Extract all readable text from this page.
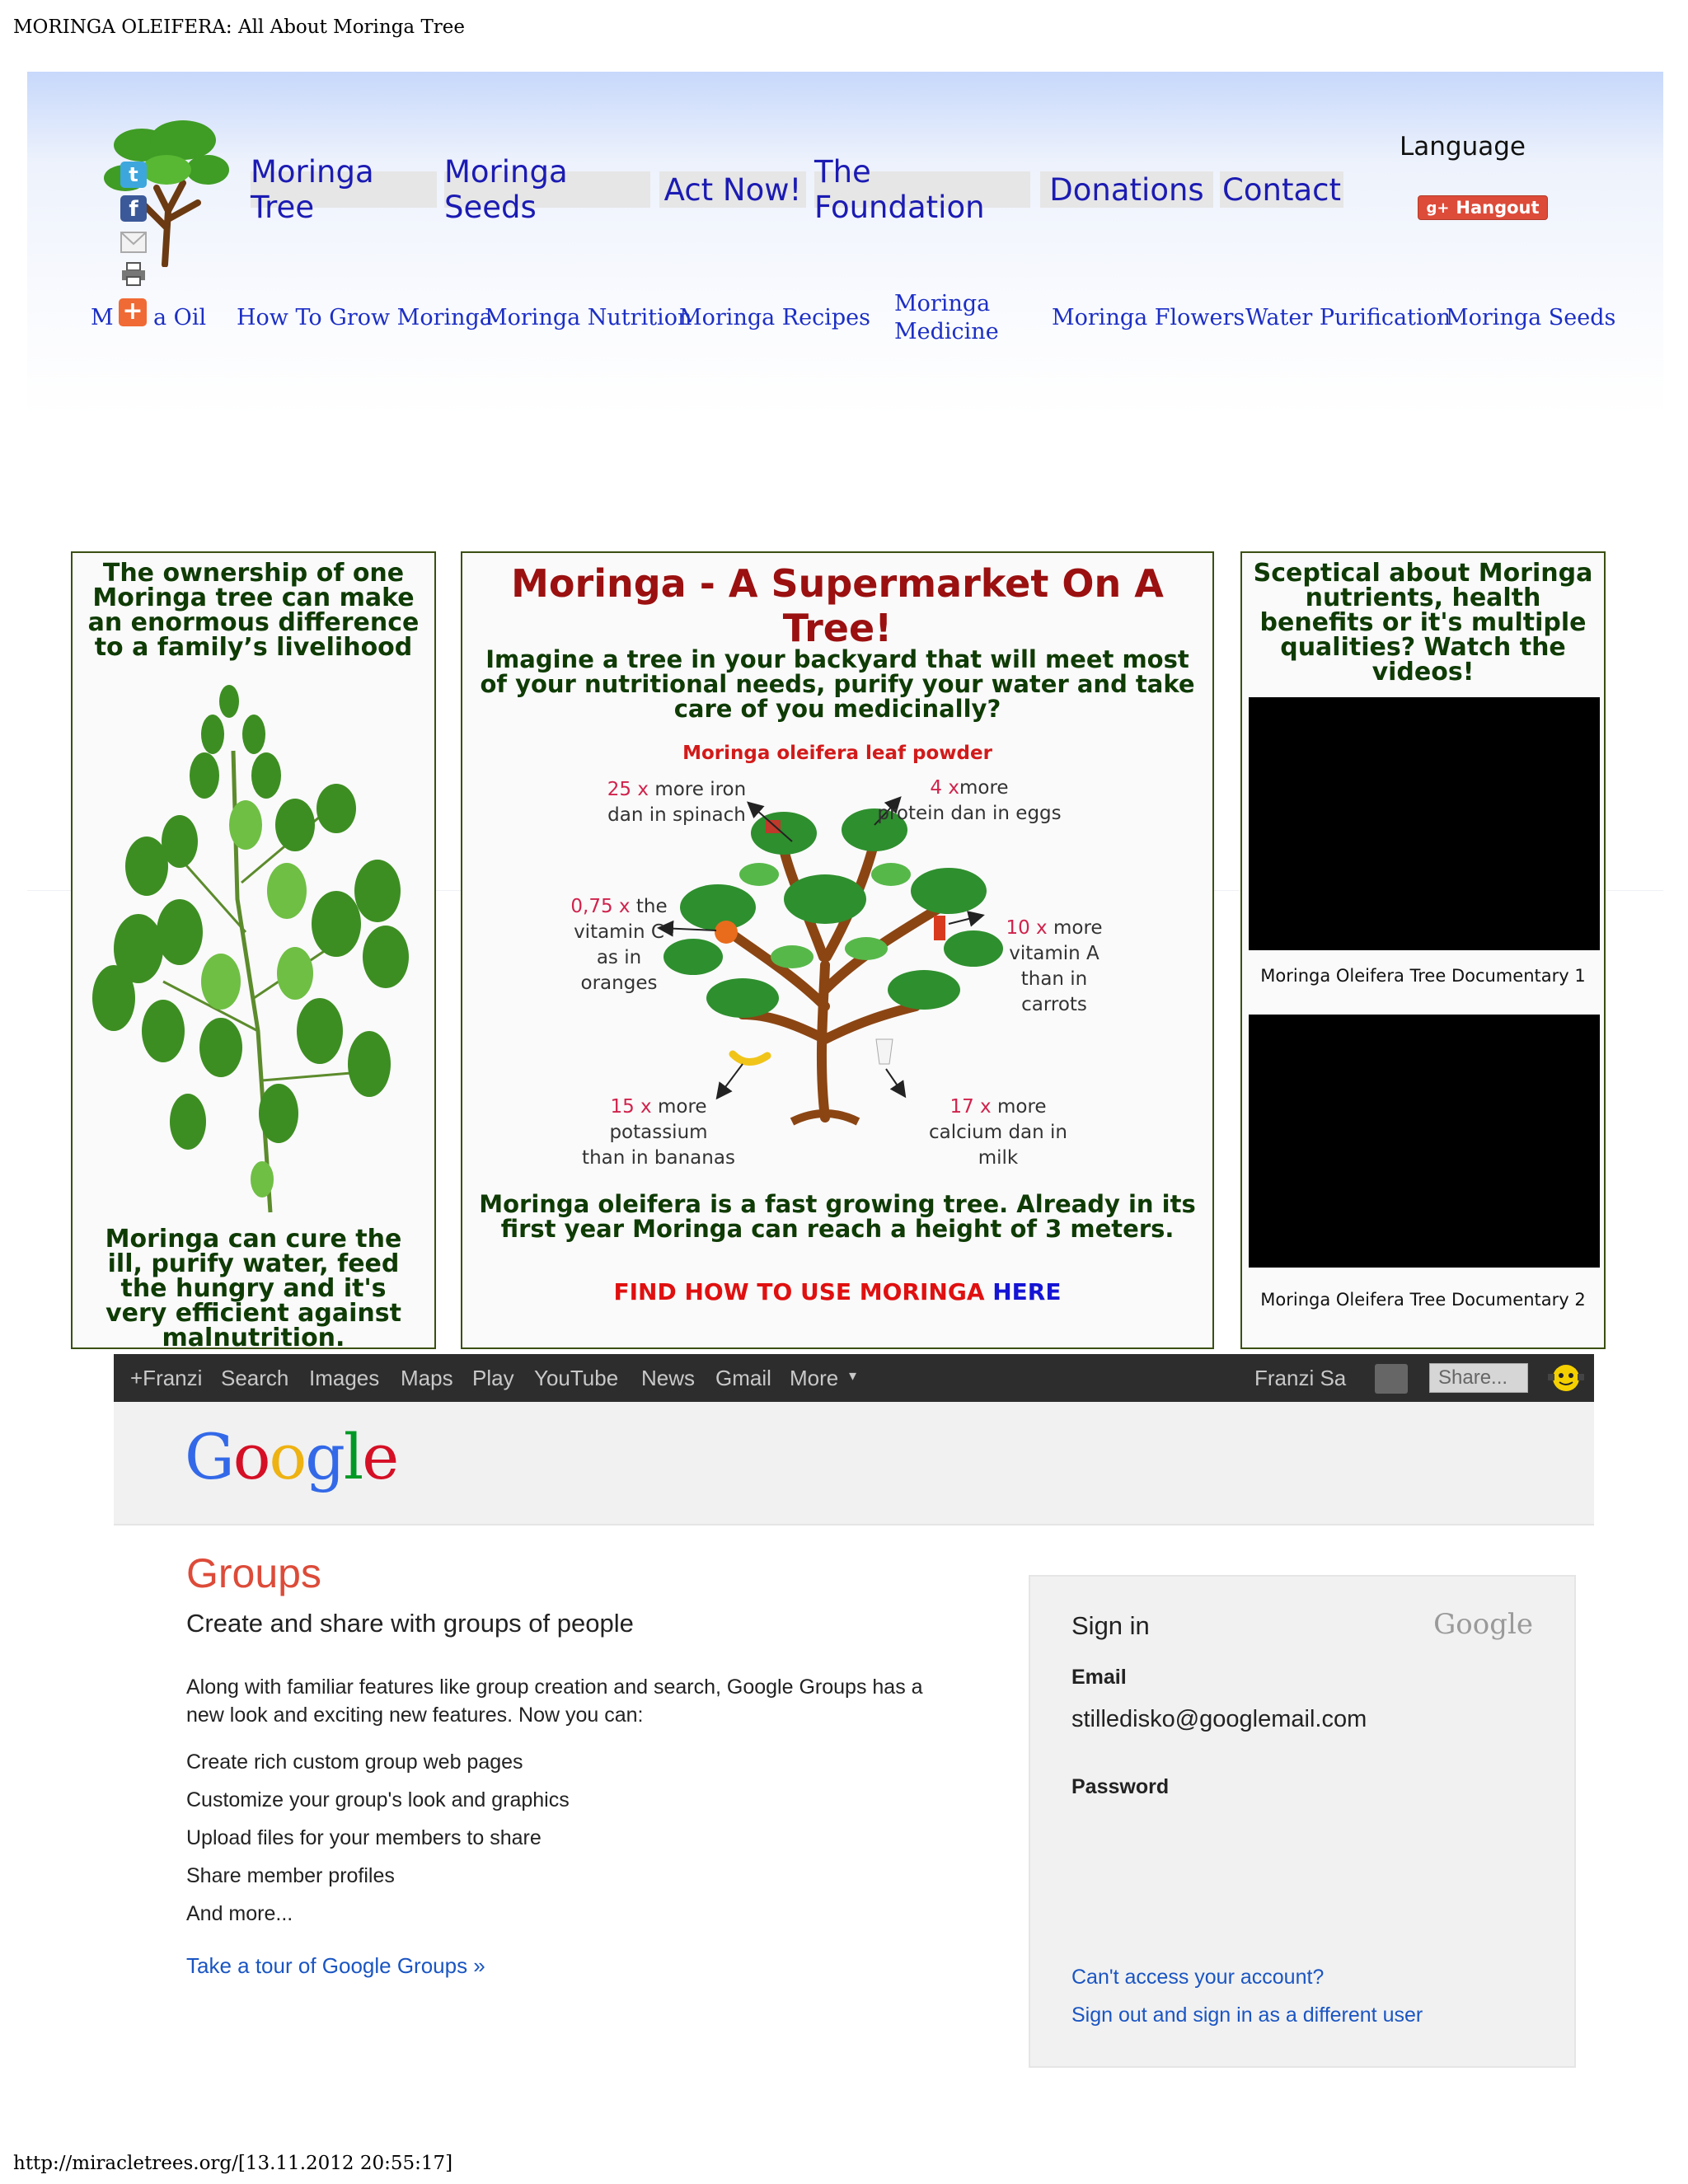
MORINGA OLEIFERA: All About Moringa Tree
t
f
+
Moringa Tree
Moringa Seeds	Act Now! The Foundation	Donations Contact
Language
g+ Hangout
M a Oil How To Grow Moringa
Moringa Nutrition
Moringa Recipes
Moringa Medicine
Moringa Flowers Water Purification
Moringa Seeds
The ownership of one Moringa tree can make an enormous difference to a family’s livelihood
Moringa can cure the ill, purify water, feed the hungry and it's very efficient against malnutrition.
Moringa - A Supermarket On A Tree!
Imagine a tree in your backyard that will meet most of your nutritional needs, purify your water and take care of you medicinally?
Moringa oleifera leaf powder
25 x more iron
dan in spinach
4 xmore
protein dan in eggs
0,75 x the
vitamin C
as in
oranges
10 x more
vitamin A
than in
carrots
15 x more
potassium
than in bananas
17 x more
calcium dan in
milk
Moringa oleifera is a fast growing tree. Already in its first year Moringa can reach a height of 3 meters.
FIND HOW TO USE MORINGA HERE
Sceptical about Moringa nutrients, health benefits or it's multiple qualities? Watch the videos!
Moringa Oleifera Tree Documentary 1
Moringa Oleifera Tree Documentary 2
+Franzi Search Images Maps Play YouTube News Gmail More ▾	Franzi Sa	Share...
Google
Groups
Create and share with groups of people
Along with familiar features like group creation and search, Google Groups has a new look and exciting new features. Now you can:
Create rich custom group web pages
Customize your group's look and graphics
Upload files for your members to share
Share member profiles
And more...
Take a tour of Google Groups »
Sign in	Google
Email
stilledisko@googlemail.com
Password
Can't access your account?
Sign out and sign in as a different user
http://miracletrees.org/[13.11.2012 20:55:17]
